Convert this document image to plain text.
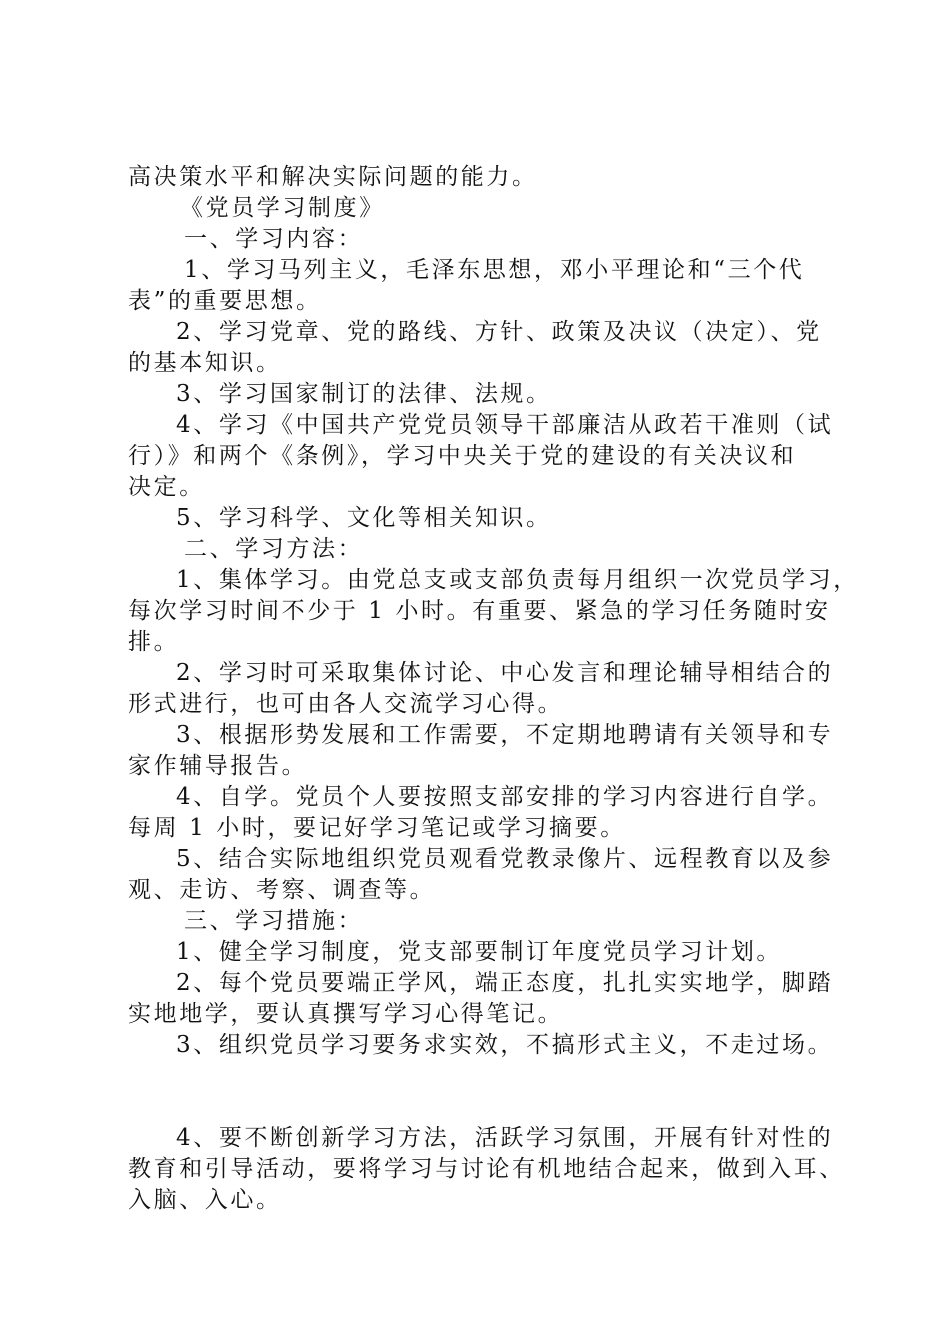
高决策水平和解决实际问题的能力。
《党员学习制度》
一、学习内容：
1、学习马列主义，毛泽东思想，邓小平理论和“三个代
表”的重要思想。
2、学习党章、党的路线、方针、政策及决议（决定）、党
的基本知识。
3、学习国家制订的法律、法规。
4、学习《中国共产党党员领导干部廉洁从政若干准则（试
行）》和两个《条例》，学习中央关于党的建设的有关决议和
决定。
5、学习科学、文化等相关知识。
二、学习方法：
1、集体学习。由党总支或支部负责每月组织一次党员学习，
每次学习时间不少于 1 小时。有重要、紧急的学习任务随时安
排。
2、学习时可采取集体讨论、中心发言和理论辅导相结合的
形式进行，也可由各人交流学习心得。
3、根据形势发展和工作需要，不定期地聘请有关领导和专
家作辅导报告。
4、自学。党员个人要按照支部安排的学习内容进行自学。
每周 1 小时，要记好学习笔记或学习摘要。
5、结合实际地组织党员观看党教录像片、远程教育以及参
观、走访、考察、调查等。
三、学习措施：
1、健全学习制度，党支部要制订年度党员学习计划。
2、每个党员要端正学风，端正态度，扎扎实实地学，脚踏
实地地学，要认真撰写学习心得笔记。
3、组织党员学习要务求实效，不搞形式主义，不走过场。
4、要不断创新学习方法，活跃学习氛围，开展有针对性的
教育和引导活动，要将学习与讨论有机地结合起来，做到入耳、
入脑、入心。
